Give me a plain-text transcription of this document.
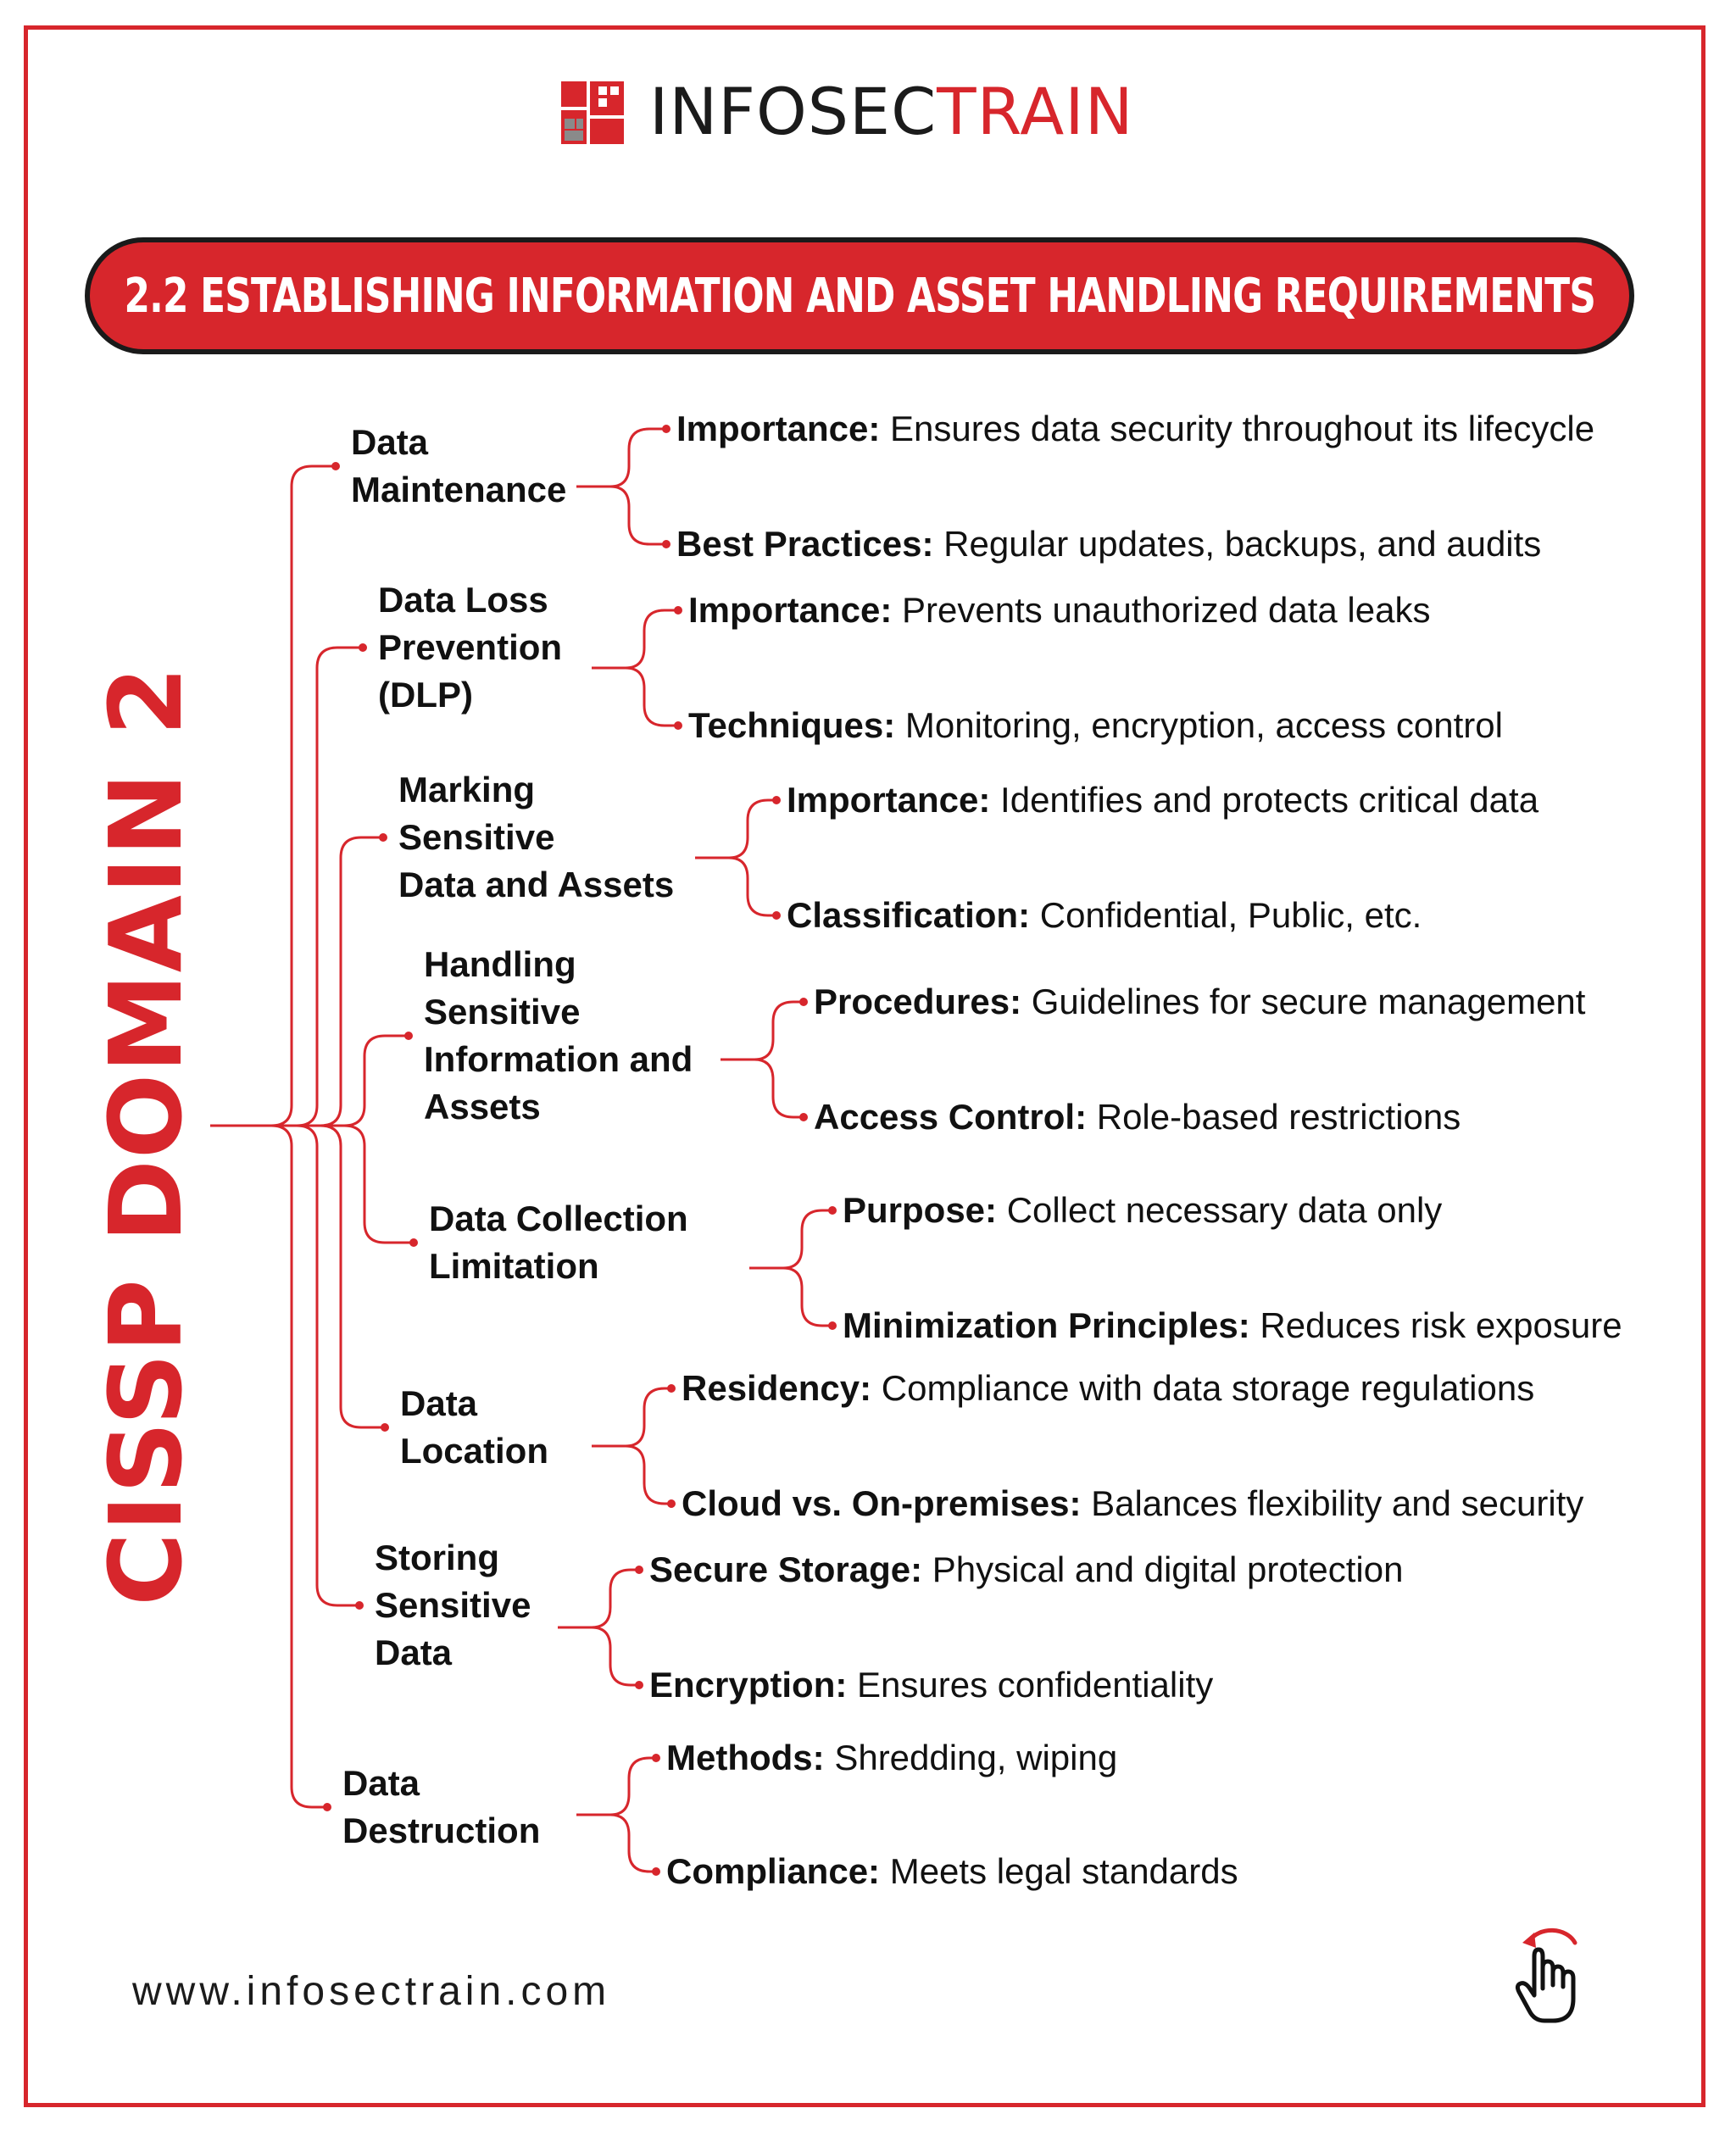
INFOSECTRAIN
2.2 ESTABLISHING INFORMATION AND ASSET HANDLING REQUIREMENTS
CISSP DOMAIN 2
Data
Maintenance
Importance: Ensures data security throughout its lifecycle
Best Practices: Regular updates, backups, and audits
Data Loss
Prevention
(DLP)
Importance: Prevents unauthorized data leaks
Techniques: Monitoring, encryption, access control
Marking
Sensitive
Data and Assets
Importance: Identifies and protects critical data
Classification: Confidential, Public, etc.
Handling
Sensitive
Information and
Assets
Procedures: Guidelines for secure management
Access Control: Role-based restrictions
Data Collection
Limitation
Purpose: Collect necessary data only
Minimization Principles: Reduces risk exposure
Data
Location
Residency: Compliance with data storage regulations
Cloud vs. On-premises: Balances flexibility and security
Storing
Sensitive
Data
Secure Storage: Physical and digital protection
Encryption: Ensures confidentiality
Data
Destruction
Methods: Shredding, wiping
Compliance: Meets legal standards
www.infosectrain.com
